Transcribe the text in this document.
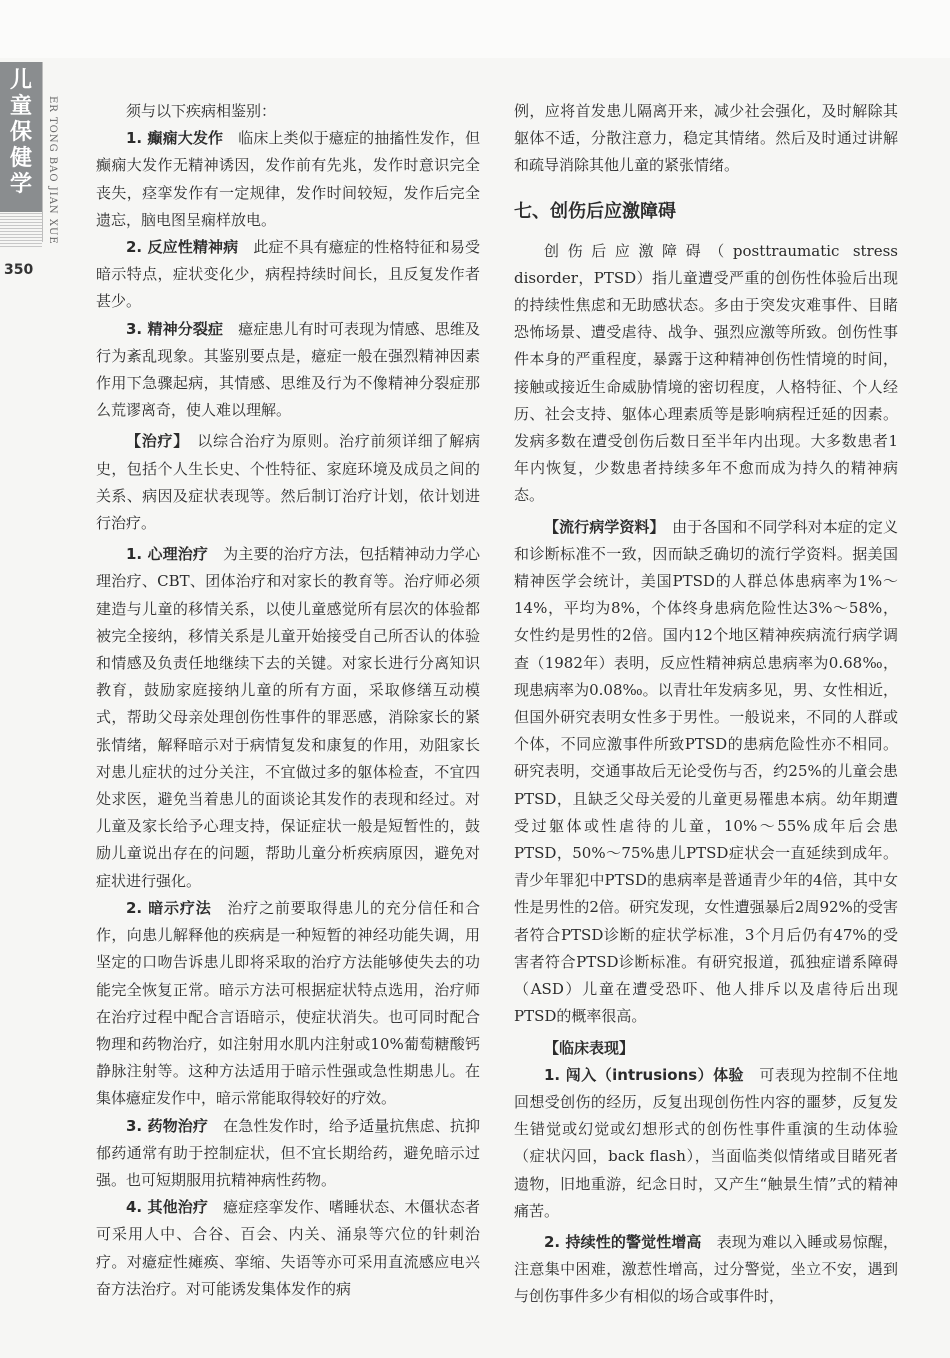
儿童保健学	ER TONG BAO JIAN XUE
350

须与以下疾病相鉴别：

1. 癫痫大发作　临床上类似于癔症的抽搐性发作，但癫痫大发作无精神诱因，发作前有先兆，发作时意识完全丧失，痉挛发作有一定规律，发作时间较短，发作后完全遗忘，脑电图呈痫样放电。

2. 反应性精神病　此症不具有癔症的性格特征和易受暗示特点，症状变化少，病程持续时间长，且反复发作者甚少。

3. 精神分裂症　癔症患儿有时可表现为情感、思维及行为紊乱现象。其鉴别要点是，癔症一般在强烈精神因素作用下急骤起病，其情感、思维及行为不像精神分裂症那么荒谬离奇，使人难以理解。

【治疗】　以综合治疗为原则。治疗前须详细了解病史，包括个人生长史、个性特征、家庭环境及成员之间的关系、病因及症状表现等。然后制订治疗计划，依计划进行治疗。

1. 心理治疗　为主要的治疗方法，包括精神动力学心理治疗、CBT、团体治疗和对家长的教育等。治疗师必须建造与儿童的移情关系，以使儿童感觉所有层次的体验都被完全接纳，移情关系是儿童开始接受自己所否认的体验和情感及负责任地继续下去的关键。对家长进行分离知识教育，鼓励家庭接纳儿童的所有方面，采取修缮互动模式，帮助父母亲处理创伤性事件的罪恶感，消除家长的紧张情绪，解释暗示对于病情复发和康复的作用，劝阻家长对患儿症状的过分关注，不宜做过多的躯体检查，不宜四处求医，避免当着患儿的面谈论其发作的表现和经过。对儿童及家长给予心理支持，保证症状一般是短暂性的，鼓励儿童说出存在的问题，帮助儿童分析疾病原因，避免对症状进行强化。

2. 暗示疗法　治疗之前要取得患儿的充分信任和合作，向患儿解释他的疾病是一种短暂的神经功能失调，用坚定的口吻告诉患儿即将采取的治疗方法能够使失去的功能完全恢复正常。暗示方法可根据症状特点选用，治疗师在治疗过程中配合言语暗示，使症状消失。也可同时配合物理和药物治疗，如注射用水肌内注射或10%葡萄糖酸钙静脉注射等。这种方法适用于暗示性强或急性期患儿。在集体癔症发作中，暗示常能取得较好的疗效。

3. 药物治疗　在急性发作时，给予适量抗焦虑、抗抑郁药通常有助于控制症状，但不宜长期给药，避免暗示过强。也可短期服用抗精神病性药物。

4. 其他治疗　癔症痉挛发作、嗜睡状态、木僵状态者可采用人中、合谷、百会、内关、涌泉等穴位的针刺治疗。对癔症性瘫痪、挛缩、失语等亦可采用直流感应电兴奋方法治疗。对可能诱发集体发作的病

例，应将首发患儿隔离开来，减少社会强化，及时解除其躯体不适，分散注意力，稳定其情绪。然后及时通过讲解和疏导消除其他儿童的紧张情绪。

七、创伤后应激障碍

创伤后应激障碍（posttraumatic stress disorder，PTSD）指儿童遭受严重的创伤性体验后出现的持续性焦虑和无助感状态。多由于突发灾难事件、目睹恐怖场景、遭受虐待、战争、强烈应激等所致。创伤性事件本身的严重程度，暴露于这种精神创伤性情境的时间，接触或接近生命威胁情境的密切程度，人格特征、个人经历、社会支持、躯体心理素质等是影响病程迁延的因素。发病多数在遭受创伤后数日至半年内出现。大多数患者1年内恢复，少数患者持续多年不愈而成为持久的精神病态。

【流行病学资料】　由于各国和不同学科对本症的定义和诊断标准不一致，因而缺乏确切的流行学资料。据美国精神医学会统计，美国PTSD的人群总体患病率为1%～14%，平均为8%，个体终身患病危险性达3%～58%，女性约是男性的2倍。国内12个地区精神疾病流行病学调查（1982年）表明，反应性精神病总患病率为0.68‰，现患病率为0.08‰。以青壮年发病多见，男、女性相近，但国外研究表明女性多于男性。一般说来，不同的人群或个体，不同应激事件所致PTSD的患病危险性亦不相同。研究表明，交通事故后无论受伤与否，约25%的儿童会患PTSD，且缺乏父母关爱的儿童更易罹患本病。幼年期遭受过躯体或性虐待的儿童，10%～55%成年后会患PTSD，50%～75%患儿PTSD症状会一直延续到成年。青少年罪犯中PTSD的患病率是普通青少年的4倍，其中女性是男性的2倍。研究发现，女性遭强暴后2周92%的受害者符合PTSD诊断的症状学标准，3个月后仍有47%的受害者符合PTSD诊断标准。有研究报道，孤独症谱系障碍（ASD）儿童在遭受恐吓、他人排斥以及虐待后出现PTSD的概率很高。

【临床表现】

1. 闯入（intrusions）体验　可表现为控制不住地回想受创伤的经历，反复出现创伤性内容的噩梦，反复发生错觉或幻觉或幻想形式的创伤性事件重演的生动体验（症状闪回，back flash），当面临类似情绪或目睹死者遗物，旧地重游，纪念日时，又产生“触景生情”式的精神痛苦。

2. 持续性的警觉性增高　表现为难以入睡或易惊醒，注意集中困难，激惹性增高，过分警觉，坐立不安，遇到与创伤事件多少有相似的场合或事件时，
